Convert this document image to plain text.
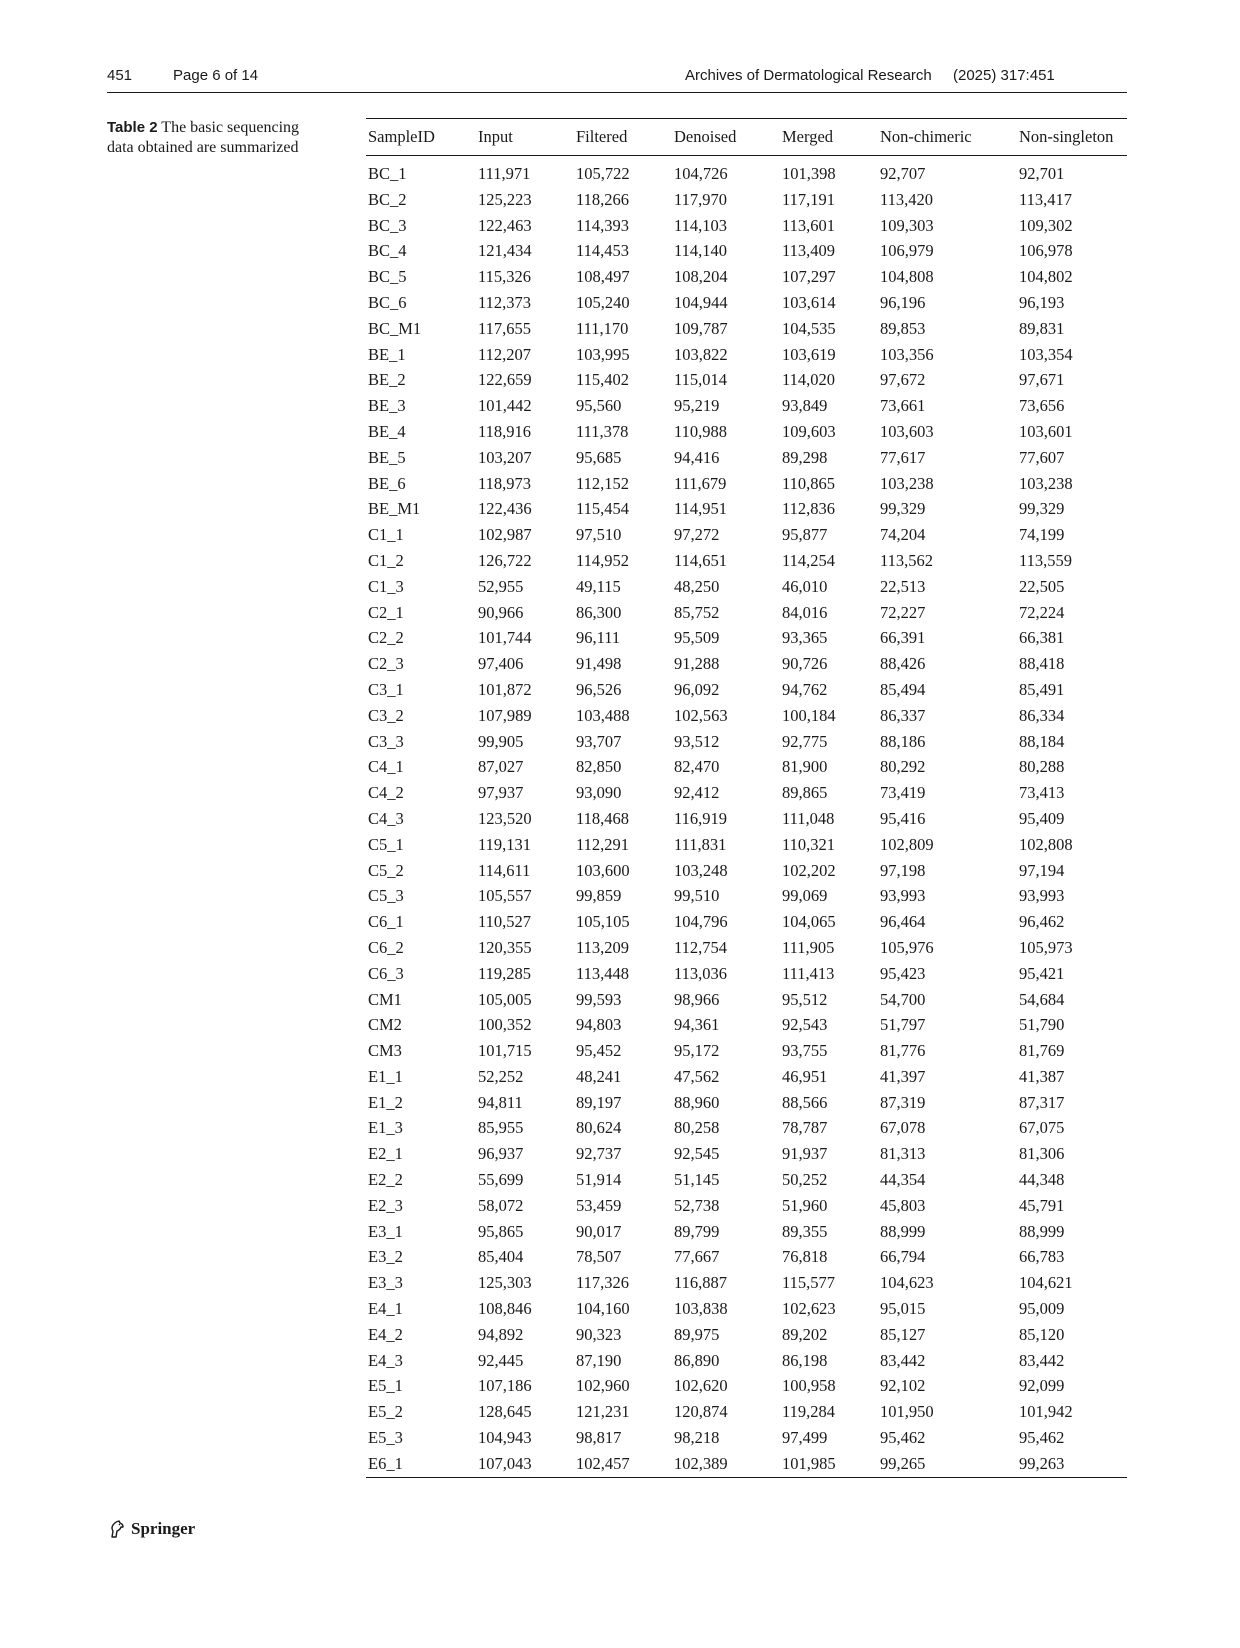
451	Page 6 of 14	Archives of Dermatological Research (2025) 317:451
Table 2 The basic sequencing data obtained are summarized
SampleID	Input	Filtered	Denoised	Merged	Non-chimeric	Non-singleton
BC_1	111,971	105,722	104,726	101,398	92,707	92,701
BC_2	125,223	118,266	117,970	117,191	113,420	113,417
BC_3	122,463	114,393	114,103	113,601	109,303	109,302
BC_4	121,434	114,453	114,140	113,409	106,979	106,978
BC_5	115,326	108,497	108,204	107,297	104,808	104,802
BC_6	112,373	105,240	104,944	103,614	96,196	96,193
BC_M1	117,655	111,170	109,787	104,535	89,853	89,831
BE_1	112,207	103,995	103,822	103,619	103,356	103,354
BE_2	122,659	115,402	115,014	114,020	97,672	97,671
BE_3	101,442	95,560	95,219	93,849	73,661	73,656
BE_4	118,916	111,378	110,988	109,603	103,603	103,601
BE_5	103,207	95,685	94,416	89,298	77,617	77,607
BE_6	118,973	112,152	111,679	110,865	103,238	103,238
BE_M1	122,436	115,454	114,951	112,836	99,329	99,329
C1_1	102,987	97,510	97,272	95,877	74,204	74,199
C1_2	126,722	114,952	114,651	114,254	113,562	113,559
C1_3	52,955	49,115	48,250	46,010	22,513	22,505
C2_1	90,966	86,300	85,752	84,016	72,227	72,224
C2_2	101,744	96,111	95,509	93,365	66,391	66,381
C2_3	97,406	91,498	91,288	90,726	88,426	88,418
C3_1	101,872	96,526	96,092	94,762	85,494	85,491
C3_2	107,989	103,488	102,563	100,184	86,337	86,334
C3_3	99,905	93,707	93,512	92,775	88,186	88,184
C4_1	87,027	82,850	82,470	81,900	80,292	80,288
C4_2	97,937	93,090	92,412	89,865	73,419	73,413
C4_3	123,520	118,468	116,919	111,048	95,416	95,409
C5_1	119,131	112,291	111,831	110,321	102,809	102,808
C5_2	114,611	103,600	103,248	102,202	97,198	97,194
C5_3	105,557	99,859	99,510	99,069	93,993	93,993
C6_1	110,527	105,105	104,796	104,065	96,464	96,462
C6_2	120,355	113,209	112,754	111,905	105,976	105,973
C6_3	119,285	113,448	113,036	111,413	95,423	95,421
CM1	105,005	99,593	98,966	95,512	54,700	54,684
CM2	100,352	94,803	94,361	92,543	51,797	51,790
CM3	101,715	95,452	95,172	93,755	81,776	81,769
E1_1	52,252	48,241	47,562	46,951	41,397	41,387
E1_2	94,811	89,197	88,960	88,566	87,319	87,317
E1_3	85,955	80,624	80,258	78,787	67,078	67,075
E2_1	96,937	92,737	92,545	91,937	81,313	81,306
E2_2	55,699	51,914	51,145	50,252	44,354	44,348
E2_3	58,072	53,459	52,738	51,960	45,803	45,791
E3_1	95,865	90,017	89,799	89,355	88,999	88,999
E3_2	85,404	78,507	77,667	76,818	66,794	66,783
E3_3	125,303	117,326	116,887	115,577	104,623	104,621
E4_1	108,846	104,160	103,838	102,623	95,015	95,009
E4_2	94,892	90,323	89,975	89,202	85,127	85,120
E4_3	92,445	87,190	86,890	86,198	83,442	83,442
E5_1	107,186	102,960	102,620	100,958	92,102	92,099
E5_2	128,645	121,231	120,874	119,284	101,950	101,942
E5_3	104,943	98,817	98,218	97,499	95,462	95,462
E6_1	107,043	102,457	102,389	101,985	99,265	99,263
Springer
